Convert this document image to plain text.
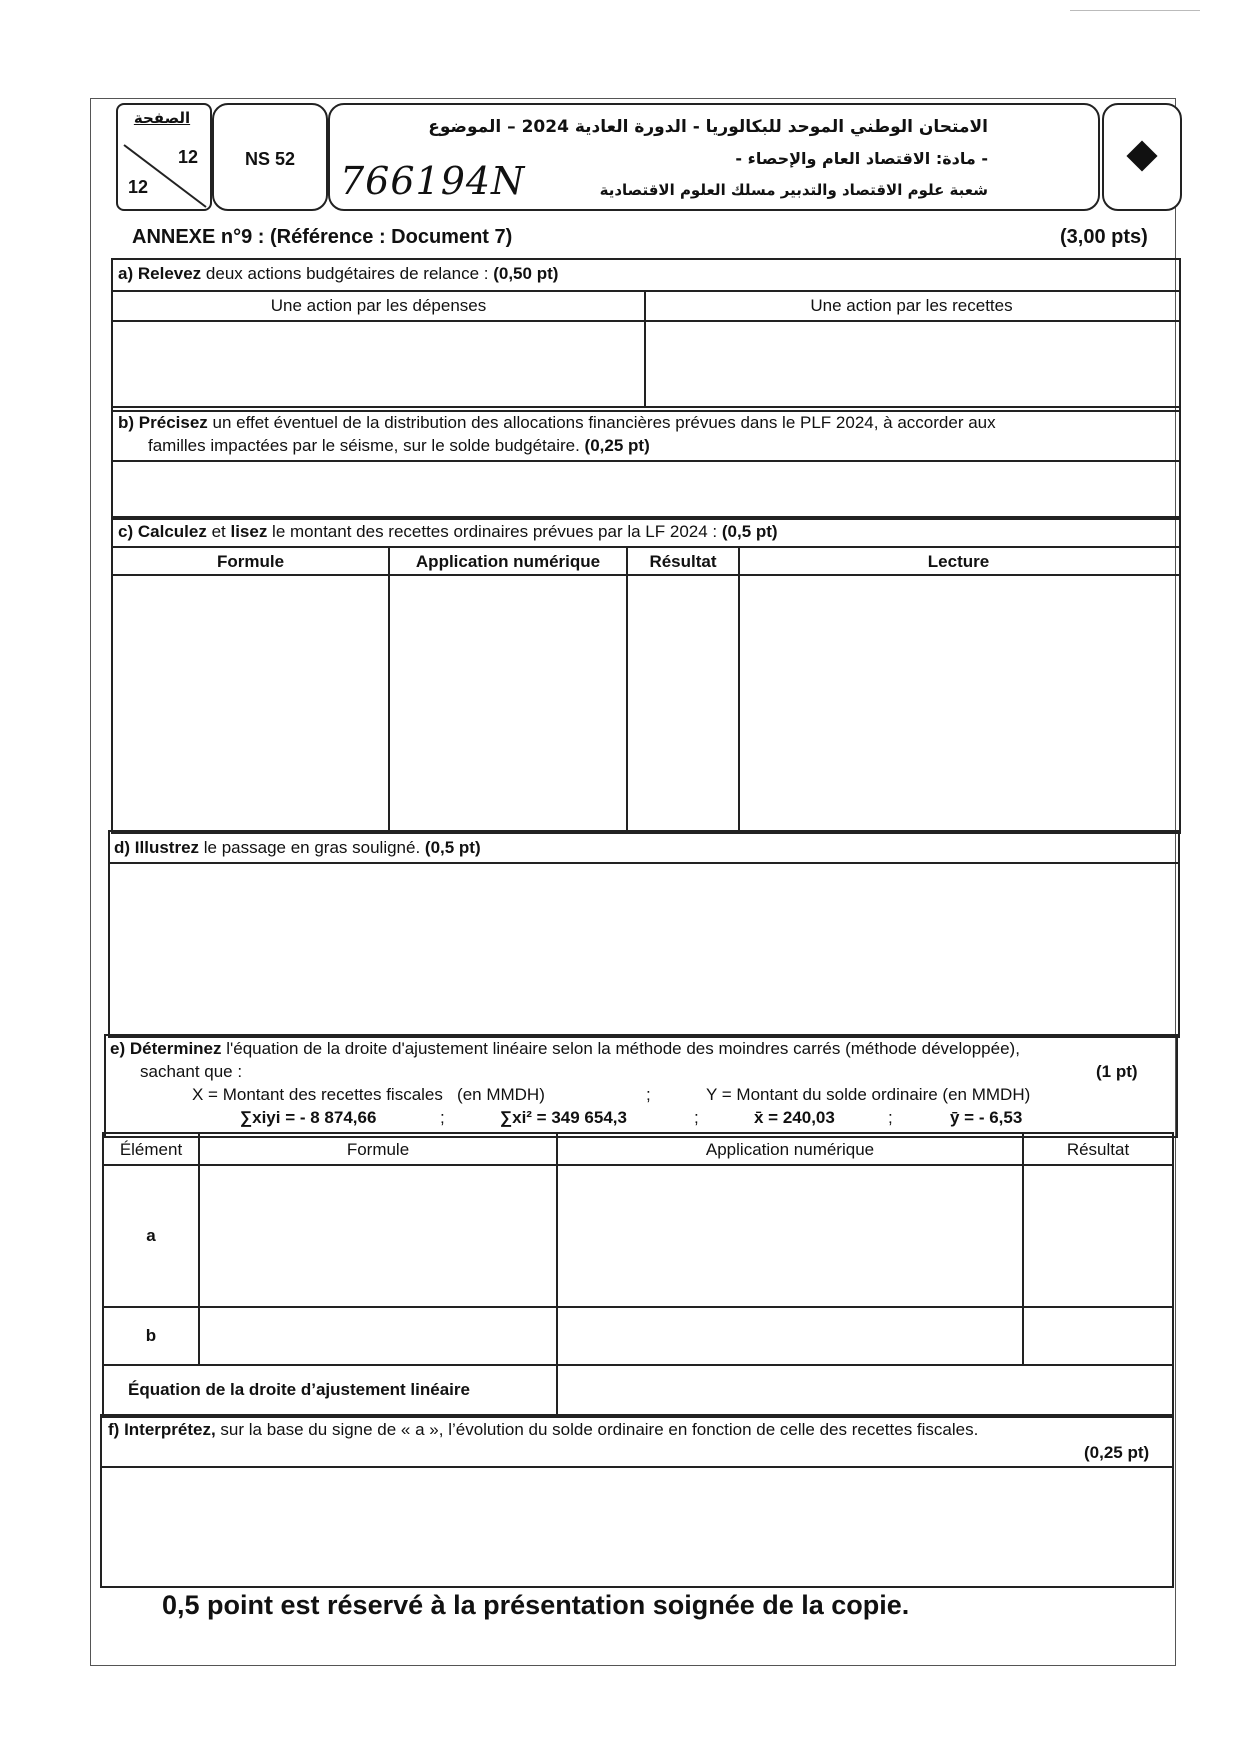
الصفحة
12
12
NS 52
الامتحان الوطني الموحد للبكالوريا - الدورة العادية 2024 – الموضوع
- مادة: الاقتصاد العام والإحصاء -
شعبة علوم الاقتصاد والتدبير مسلك العلوم الاقتصادية
766194N
ANNEXE n°9 : (Référence : Document 7)	(3,00 pts)
a) Relevez deux actions budgétaires de relance : (0,50 pt)
Une action par les dépenses	Une action par les recettes
b) Précisez un effet éventuel de la distribution des allocations financières prévues dans le PLF 2024, à accorder aux
familles impactées par le séisme, sur le solde budgétaire. (0,25 pt)
c) Calculez et lisez le montant des recettes ordinaires prévues par la LF 2024 : (0,5 pt)
Formule	Application numérique	Résultat	Lecture
d) Illustrez le passage en gras souligné. (0,5 pt)
e) Déterminez l'équation de la droite d'ajustement linéaire selon la méthode des moindres carrés (méthode développée),
sachant que :	(1 pt)
X = Montant des recettes fiscales   (en MMDH)	;	Y = Montant du solde ordinaire (en MMDH)
∑xiyi = - 8 874,66	;	∑xi² = 349 654,3	;	x̄ = 240,03	;	ȳ = - 6,53
Élément	Formule	Application numérique	Résultat
a
b
Équation de la droite d’ajustement linéaire
f) Interprétez, sur la base du signe de « a », l’évolution du solde ordinaire en fonction de celle des recettes fiscales.
(0,25 pt)
0,5 point est réservé à la présentation soignée de la copie.
